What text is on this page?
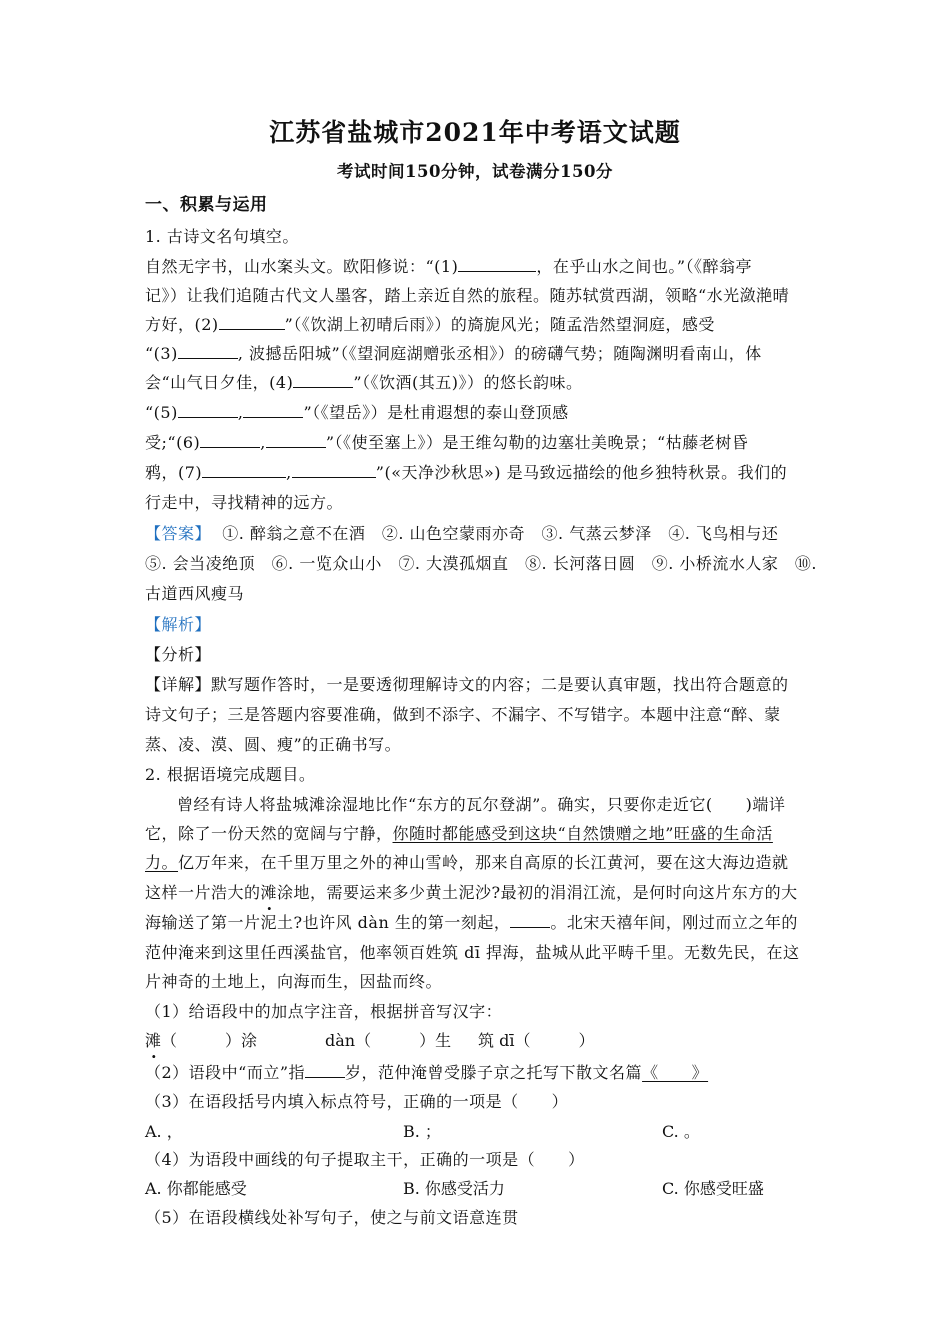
江苏省盐城市2021年中考语文试题
考试时间150分钟，试卷满分150分
一、积累与运用
1. 古诗文名句填空。
自然无字书，山水案头文。欧阳修说：“(1)	，在乎山水之间也。”（《醉翁亭
记》）让我们追随古代文人墨客，踏上亲近自然的旅程。随苏轼赏西湖，领略“水光潋滟晴
方好，(2)	”（《饮湖上初晴后雨》）的旖旎风光；随孟浩然望洞庭，感受
“(3)	, 波撼岳阳城”（《望洞庭湖赠张丞相》）的磅礴气势；随陶渊明看南山，体
会“山气日夕佳，(4)	”（《饮酒(其五)》）的悠长韵味。
“(5)	,	”（《望岳》）是杜甫遐想的泰山登顶感
受;“(6)	,	”（《使至塞上》）是王维勾勒的边塞壮美晚景；“枯藤老树昏
鸦，(7)	,	”(«天净沙秋思») 是马致远描绘的他乡独特秋景。我们的
行走中，寻找精神的远方。
【答案】 ①. 醉翁之意不在酒　②. 山色空蒙雨亦奇　③. 气蒸云梦泽　④. 飞鸟相与还
⑤. 会当凌绝顶　⑥. 一览众山小　⑦. 大漠孤烟直　⑧. 长河落日圆　⑨. 小桥流水人家　⑩.
古道西风瘦马
【解析】
【分析】
【详解】默写题作答时，一是要透彻理解诗文的内容；二是要认真审题，找出符合题意的
诗文句子；三是答题内容要准确，做到不添字、不漏字、不写错字。本题中注意“醉、蒙
蒸、凌、漠、圆、瘦”的正确书写。
2. 根据语境完成题目。
曾经有诗人将盐城滩涂湿地比作“东方的瓦尔登湖”。确实，只要你走近它(　　)端详
它，除了一份天然的宽阔与宁静，你随时都能感受到这块“自然馈赠之地”旺盛的生命活
力。亿万年来，在千里万里之外的神山雪岭，那来自高原的长江黄河，要在这大海边造就
这样一片浩大的滩涂地，需要运来多少黄土泥沙?最初的涓涓江流，是何时向这片东方的大
海输送了第一片泥土?也许风 dàn 生的第一刻起，	。北宋天禧年间，刚过而立之年的
范仲淹来到这里任西溪盐官，他率领百姓筑 dī 捍海，盐城从此平畴千里。无数先民，在这
片神奇的土地上，向海而生，因盐而终。
（1）给语段中的加点字注音，根据拼音写汉字：
滩（　　　）涂 .	dàn（　　　）生 筑 dī（　　　）
（2）语段中“而立”指	岁，范仲淹曾受滕子京之托写下散文名篇《　　》
（3）在语段括号内填入标点符号，正确的一项是（　　）
A. ，	B. ；	C. 。
（4）为语段中画线的句子提取主干，正确的一项是（　　）
A. 你都能感受	B. 你感受活力	C. 你感受旺盛
（5）在语段横线处补写句子，使之与前文语意连贯
